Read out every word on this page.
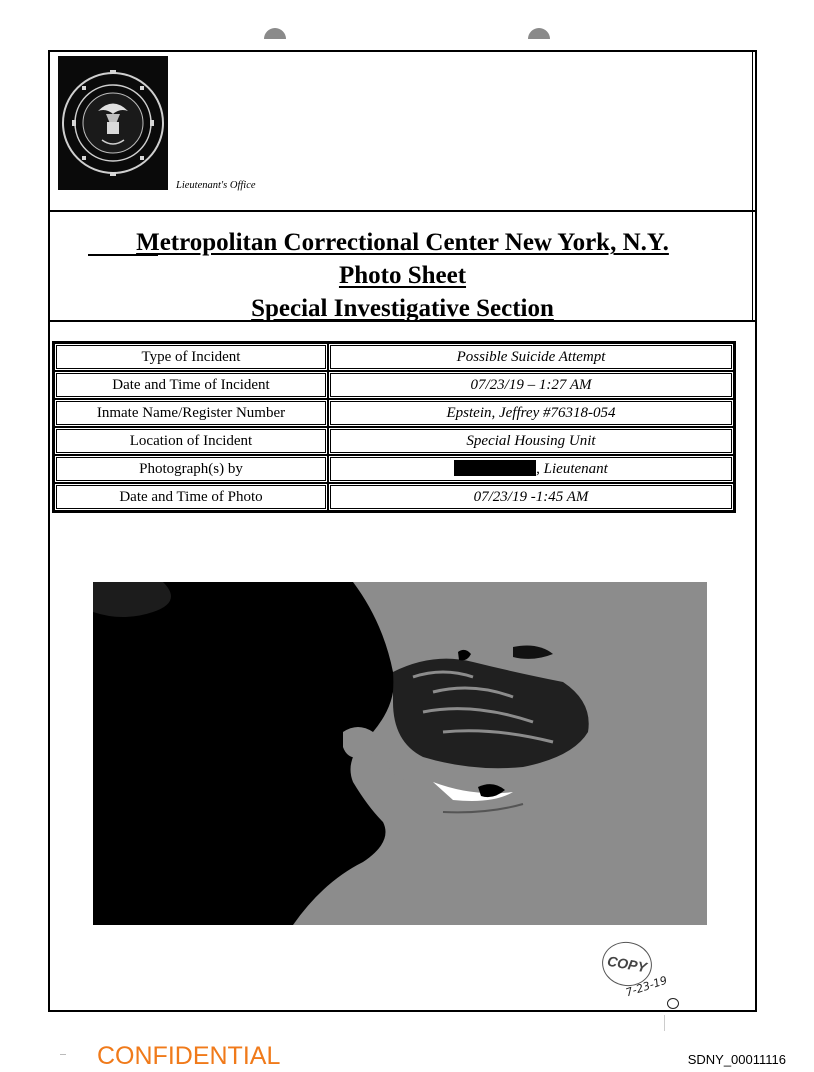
Lieutenant's Office
Metropolitan Correctional Center New York, N.Y.
Photo Sheet
Special Investigative Section
Type of Incident	Possible Suicide Attempt
Date and Time of Incident	07/23/19 – 1:27 AM
Inmate Name/Register Number	Epstein, Jeffrey #76318-054
Location of Incident	Special Housing Unit
Photograph(s) by	, Lieutenant
Date and Time of Photo	07/23/19 -1:45 AM
COPY
7-23-19
CONFIDENTIAL	SDNY_00011116
